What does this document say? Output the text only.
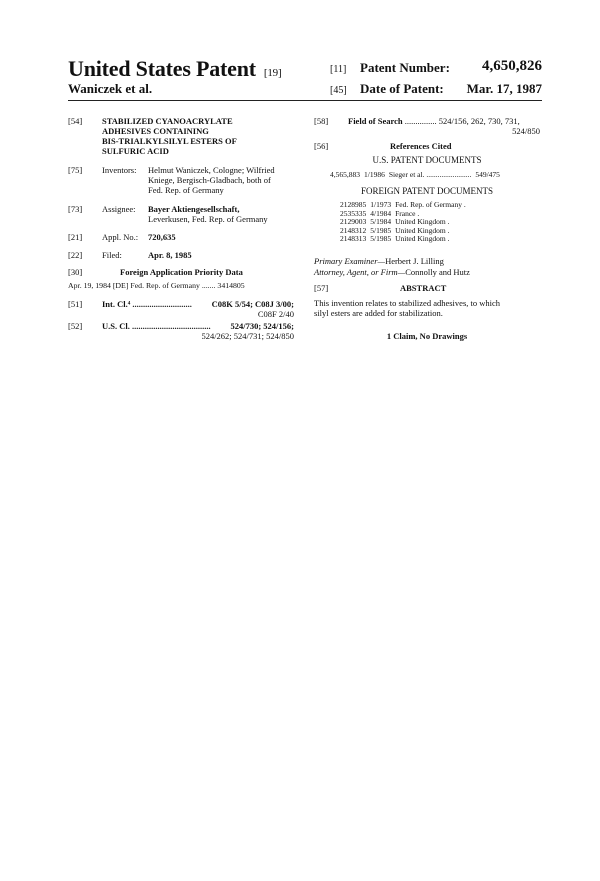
United States Patent [19]
Waniczek et al.
[11] Patent Number: 4,650,826
[45] Date of Patent: Mar. 17, 1987
[54] STABILIZED CYANOACRYLATE
ADHESIVES CONTAINING
BIS-TRIALKYLSILYL ESTERS OF
SULFURIC ACID
[75] Inventors: Helmut Waniczek, Cologne; Wilfried
Kniege, Bergisch-Gladbach, both of
Fed. Rep. of Germany
[73] Assignee: Bayer Aktiengesellschaft,
Leverkusen, Fed. Rep. of Germany
[21] Appl. No.: 720,635
[22] Filed:	Apr. 8, 1985
[30]	Foreign Application Priority Data
Apr. 19, 1984 [DE] Fed. Rep. of Germany ....... 3414805
[51] Int. Cl.⁴ ............................ C08K 5/54; C08J 3/00;
C08F 2/40
[52] U.S. Cl. ..................................... 524/730; 524/156;
524/262; 524/731; 524/850
[58] Field of Search ............... 524/156, 262, 730, 731,
524/850
[56]	References Cited
U.S. PATENT DOCUMENTS
4,565,883	1/1986	Sieger et al. ........................	549/475
FOREIGN PATENT DOCUMENTS
2128985	1/1973	Fed. Rep. of Germany .
2535335	4/1984	France .
2129003	5/1984	United Kingdom .
2148312	5/1985	United Kingdom .
2148313	5/1985	United Kingdom .
Primary Examiner—Herbert J. Lilling
Attorney, Agent, or Firm—Connolly and Hutz
[57]	ABSTRACT
This invention relates to stabilized adhesives, to which
silyl esters are added for stabilization.
1 Claim, No Drawings
